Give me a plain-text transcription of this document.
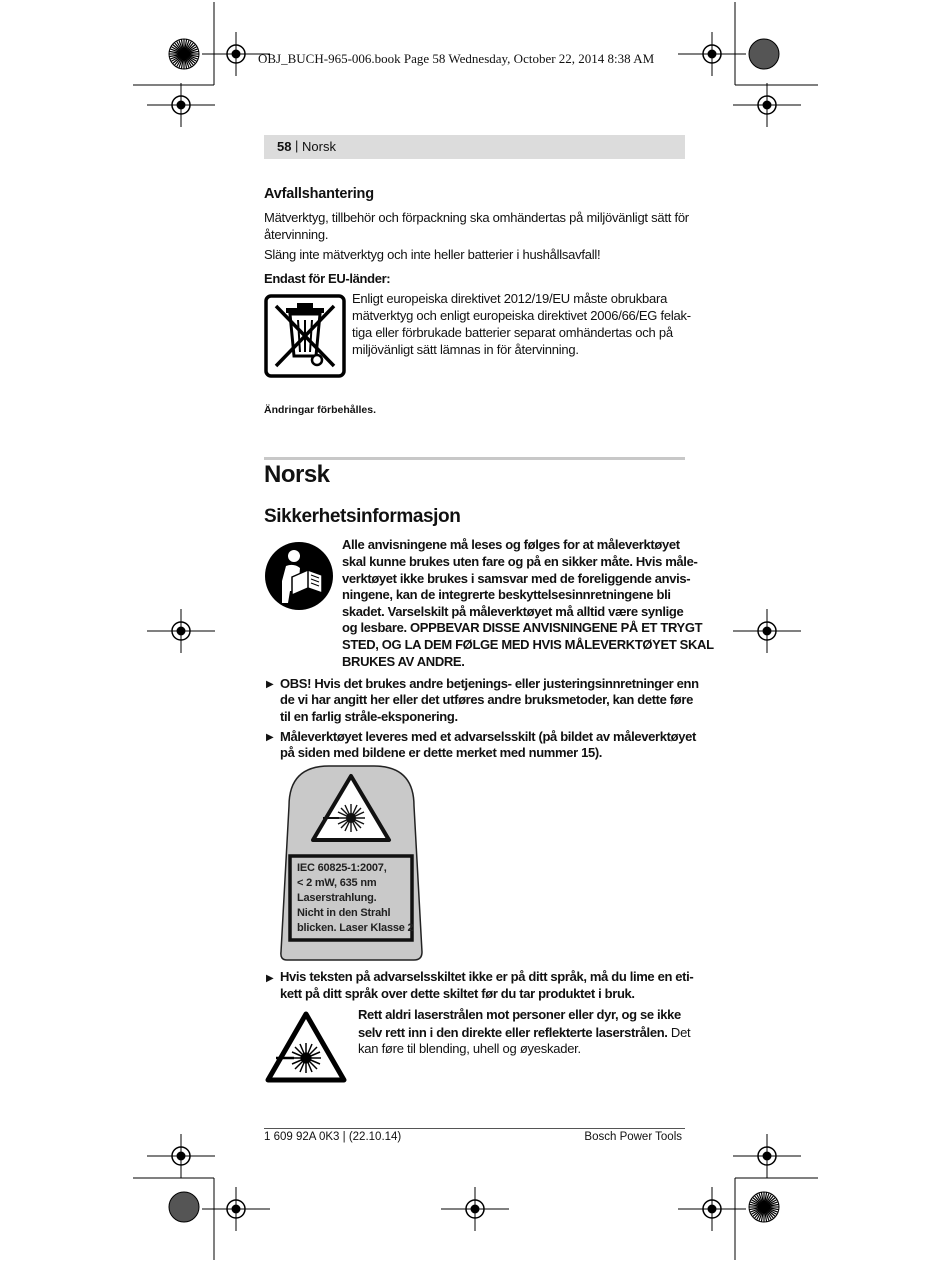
OBJ_BUCH-965-006.book Page 58 Wednesday, October 22, 2014 8:38 AM
58 | Norsk
Avfallshantering
Mätverktyg, tillbehör och förpackning ska omhändertas på miljövänligt sätt för
återvinning.
Släng inte mätverktyg och inte heller batterier i hushållsavfall!
Endast för EU-länder:
Enligt europeiska direktivet 2012/19/EU måste obrukbara
mätverktyg och enligt europeiska direktivet 2006/66/EG felak-
tiga eller förbrukade batterier separat omhändertas och på
miljövänligt sätt lämnas in för återvinning.
Ändringar förbehålles.
Norsk
Sikkerhetsinformasjon
Alle anvisningene må leses og følges for at måleverktøyet
skal kunne brukes uten fare og på en sikker måte. Hvis måle-
verktøyet ikke brukes i samsvar med de foreliggende anvis-
ningene, kan de integrerte beskyttelsesinnretningene bli
skadet. Varselskilt på måleverktøyet må alltid være synlige
og lesbare. OPPBEVAR DISSE ANVISNINGENE PÅ ET TRYGT
STED, OG LA DEM FØLGE MED HVIS MÅLEVERKTØYET SKAL
BRUKES AV ANDRE.
▶ OBS! Hvis det brukes andre betjenings- eller justeringsinnretninger enn
de vi har angitt her eller det utføres andre bruksmetoder, kan dette føre
til en farlig stråle-eksponering.
▶ Måleverktøyet leveres med et advarselsskilt (på bildet av måleverktøyet
på siden med bildene er dette merket med nummer 15).
IEC 60825-1:2007,
< 2 mW, 635 nm
Laserstrahlung.
Nicht in den Strahl
blicken. Laser Klasse 2
▶ Hvis teksten på advarselsskiltet ikke er på ditt språk, må du lime en eti-
kett på ditt språk over dette skiltet før du tar produktet i bruk.
Rett aldri laserstrålen mot personer eller dyr, og se ikke
selv rett inn i den direkte eller reflekterte laserstrålen. Det
kan føre til blending, uhell og øyeskader.
1 609 92A 0K3 | (22.10.14)	Bosch Power Tools
